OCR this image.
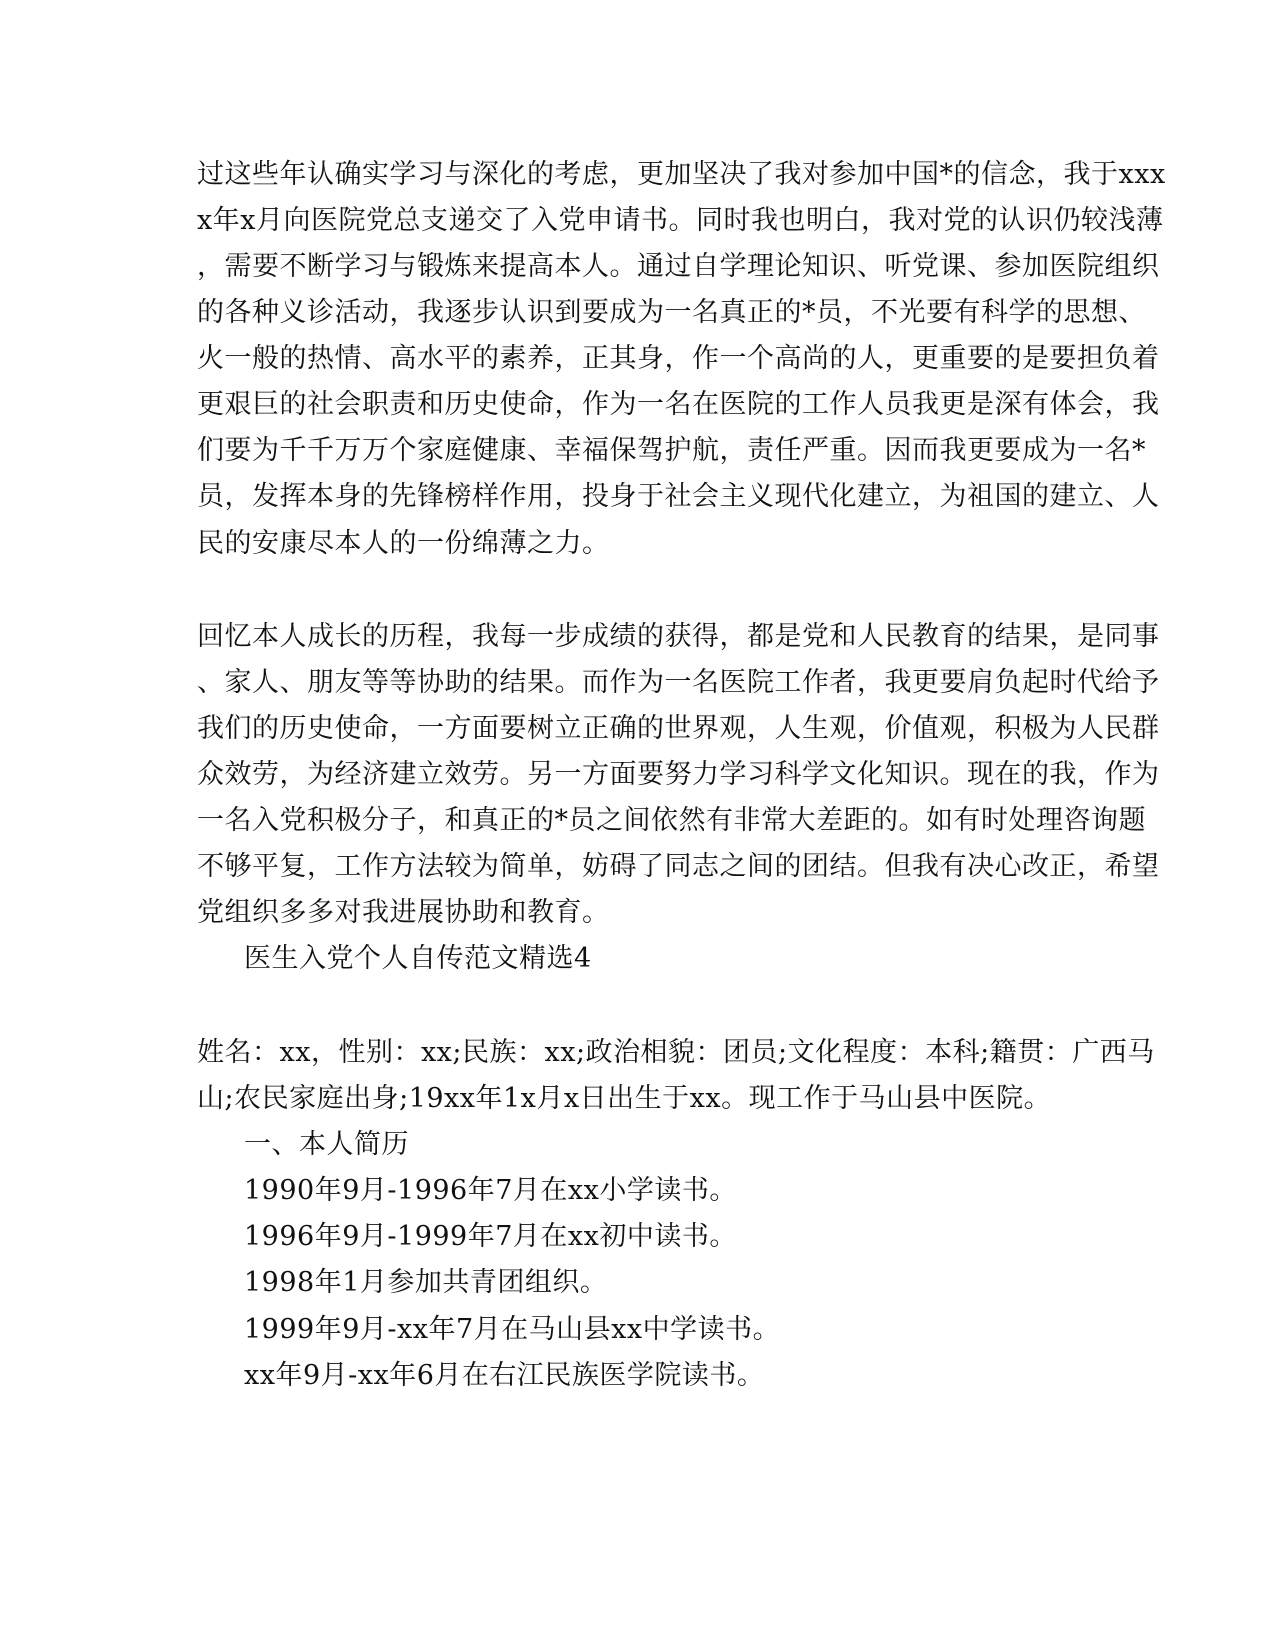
过这些年认确实学习与深化的考虑，更加坚决了我对参加中国*的信念，我于xxx
x年x月向医院党总支递交了入党申请书。同时我也明白，我对党的认识仍较浅薄
，需要不断学习与锻炼来提高本人。通过自学理论知识、听党课、参加医院组织
的各种义诊活动，我逐步认识到要成为一名真正的*员，不光要有科学的思想、
火一般的热情、高水平的素养，正其身，作一个高尚的人，更重要的是要担负着
更艰巨的社会职责和历史使命，作为一名在医院的工作人员我更是深有体会，我
们要为千千万万个家庭健康、幸福保驾护航，责任严重。因而我更要成为一名*
员，发挥本身的先锋榜样作用，投身于社会主义现代化建立，为祖国的建立、人
民的安康尽本人的一份绵薄之力。
回忆本人成长的历程，我每一步成绩的获得，都是党和人民教育的结果，是同事
、家人、朋友等等协助的结果。而作为一名医院工作者，我更要肩负起时代给予
我们的历史使命，一方面要树立正确的世界观，人生观，价值观，积极为人民群
众效劳，为经济建立效劳。另一方面要努力学习科学文化知识。现在的我，作为
一名入党积极分子，和真正的*员之间依然有非常大差距的。如有时处理咨询题
不够平复，工作方法较为简单，妨碍了同志之间的团结。但我有决心改正，希望
党组织多多对我进展协助和教育。
医生入党个人自传范文精选4
姓名：xx，性别：xx;民族：xx;政治相貌：团员;文化程度：本科;籍贯：广西马
山;农民家庭出身;19xx年1x月x日出生于xx。现工作于马山县中医院。
一、本人简历
1990年9月-1996年7月在xx小学读书。
1996年9月-1999年7月在xx初中读书。
1998年1月参加共青团组织。
1999年9月-xx年7月在马山县xx中学读书。
xx年9月-xx年6月在右江民族医学院读书。
